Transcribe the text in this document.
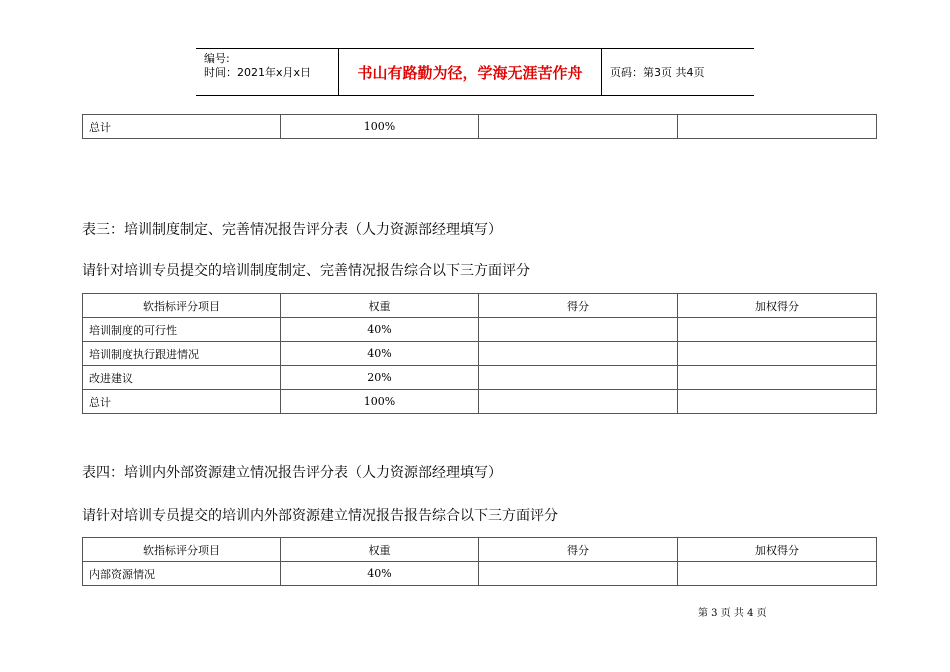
编号:
时间：2021年x月x日	书山有路勤为径，学海无涯苦作舟	页码：第3页 共4页
总计	100%		
表三：培训制度制定、完善情况报告评分表（人力资源部经理填写）
请针对培训专员提交的培训制度制定、完善情况报告综合以下三方面评分
软指标评分项目	权重	得分	加权得分
培训制度的可行性	40%		
培训制度执行跟进情况	40%		
改进建议	20%		
总计	100%		
表四：培训内外部资源建立情况报告评分表（人力资源部经理填写）
请针对培训专员提交的培训内外部资源建立情况报告报告综合以下三方面评分
软指标评分项目	权重	得分	加权得分
内部资源情况	40%		
第 3 页 共 4 页
